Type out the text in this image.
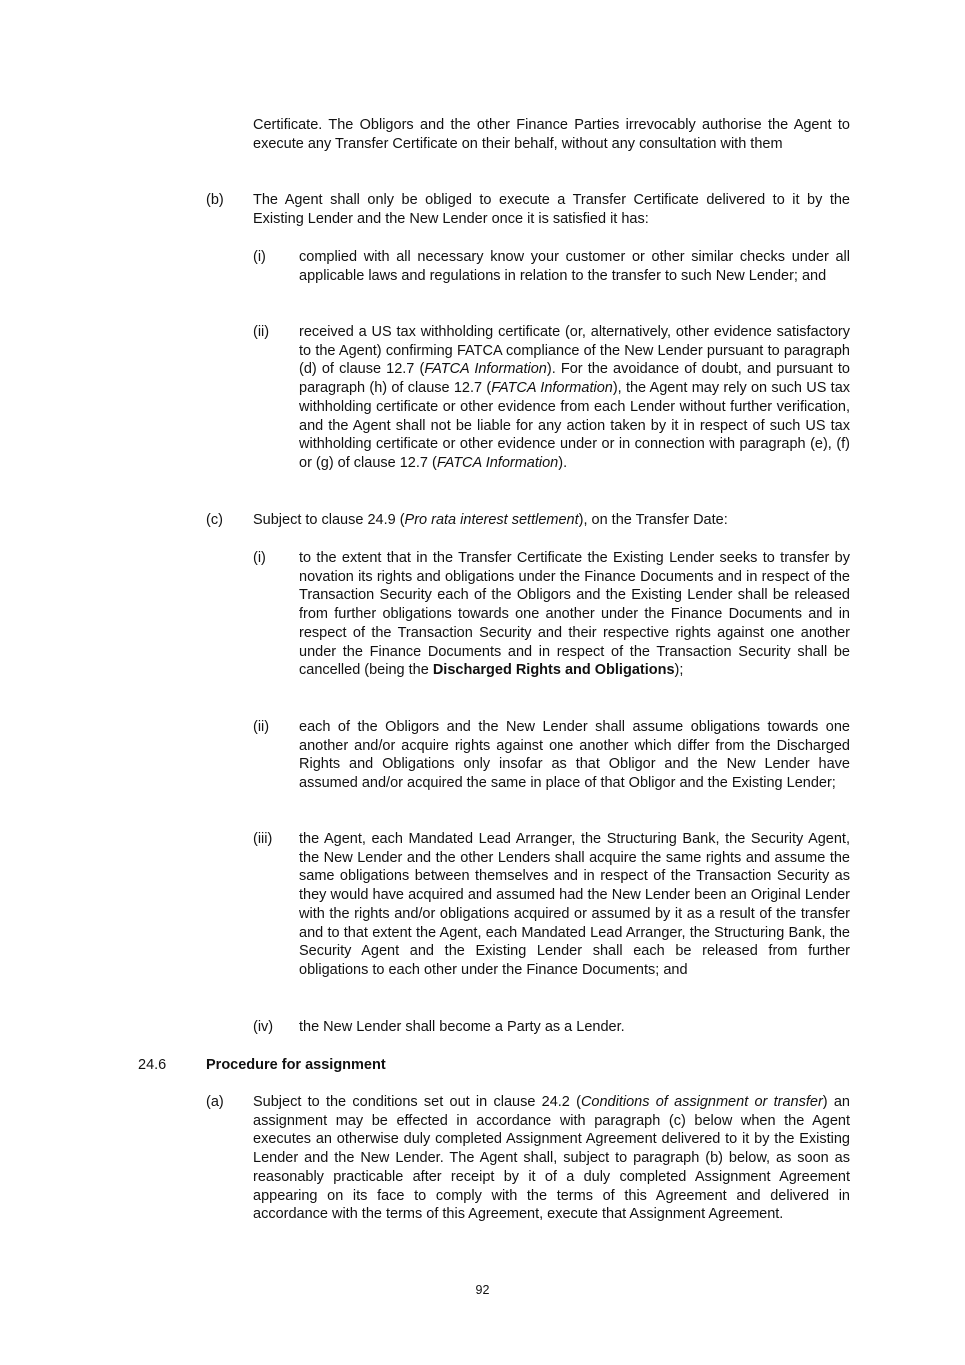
Certificate. The Obligors and the other Finance Parties irrevocably authorise the Agent to execute any Transfer Certificate on their behalf, without any consultation with them
(b) The Agent shall only be obliged to execute a Transfer Certificate delivered to it by the Existing Lender and the New Lender once it is satisfied it has:
(i) complied with all necessary know your customer or other similar checks under all applicable laws and regulations in relation to the transfer to such New Lender; and
(ii) received a US tax withholding certificate (or, alternatively, other evidence satisfactory to the Agent) confirming FATCA compliance of the New Lender pursuant to paragraph (d) of clause 12.7 (FATCA Information). For the avoidance of doubt, and pursuant to paragraph (h) of clause 12.7 (FATCA Information), the Agent may rely on such US tax withholding certificate or other evidence from each Lender without further verification, and the Agent shall not be liable for any action taken by it in respect of such US tax withholding certificate or other evidence under or in connection with paragraph (e), (f) or (g) of clause 12.7 (FATCA Information).
(c) Subject to clause 24.9 (Pro rata interest settlement), on the Transfer Date:
(i) to the extent that in the Transfer Certificate the Existing Lender seeks to transfer by novation its rights and obligations under the Finance Documents and in respect of the Transaction Security each of the Obligors and the Existing Lender shall be released from further obligations towards one another under the Finance Documents and in respect of the Transaction Security and their respective rights against one another under the Finance Documents and in respect of the Transaction Security shall be cancelled (being the Discharged Rights and Obligations);
(ii) each of the Obligors and the New Lender shall assume obligations towards one another and/or acquire rights against one another which differ from the Discharged Rights and Obligations only insofar as that Obligor and the New Lender have assumed and/or acquired the same in place of that Obligor and the Existing Lender;
(iii) the Agent, each Mandated Lead Arranger, the Structuring Bank, the Security Agent, the New Lender and the other Lenders shall acquire the same rights and assume the same obligations between themselves and in respect of the Transaction Security as they would have acquired and assumed had the New Lender been an Original Lender with the rights and/or obligations acquired or assumed by it as a result of the transfer and to that extent the Agent, each Mandated Lead Arranger, the Structuring Bank, the Security Agent and the Existing Lender shall each be released from further obligations to each other under the Finance Documents; and
(iv) the New Lender shall become a Party as a Lender.
24.6	Procedure for assignment
(a) Subject to the conditions set out in clause 24.2 (Conditions of assignment or transfer) an assignment may be effected in accordance with paragraph (c) below when the Agent executes an otherwise duly completed Assignment Agreement delivered to it by the Existing Lender and the New Lender. The Agent shall, subject to paragraph (b) below, as soon as reasonably practicable after receipt by it of a duly completed Assignment Agreement appearing on its face to comply with the terms of this Agreement and delivered in accordance with the terms of this Agreement, execute that Assignment Agreement.
92
